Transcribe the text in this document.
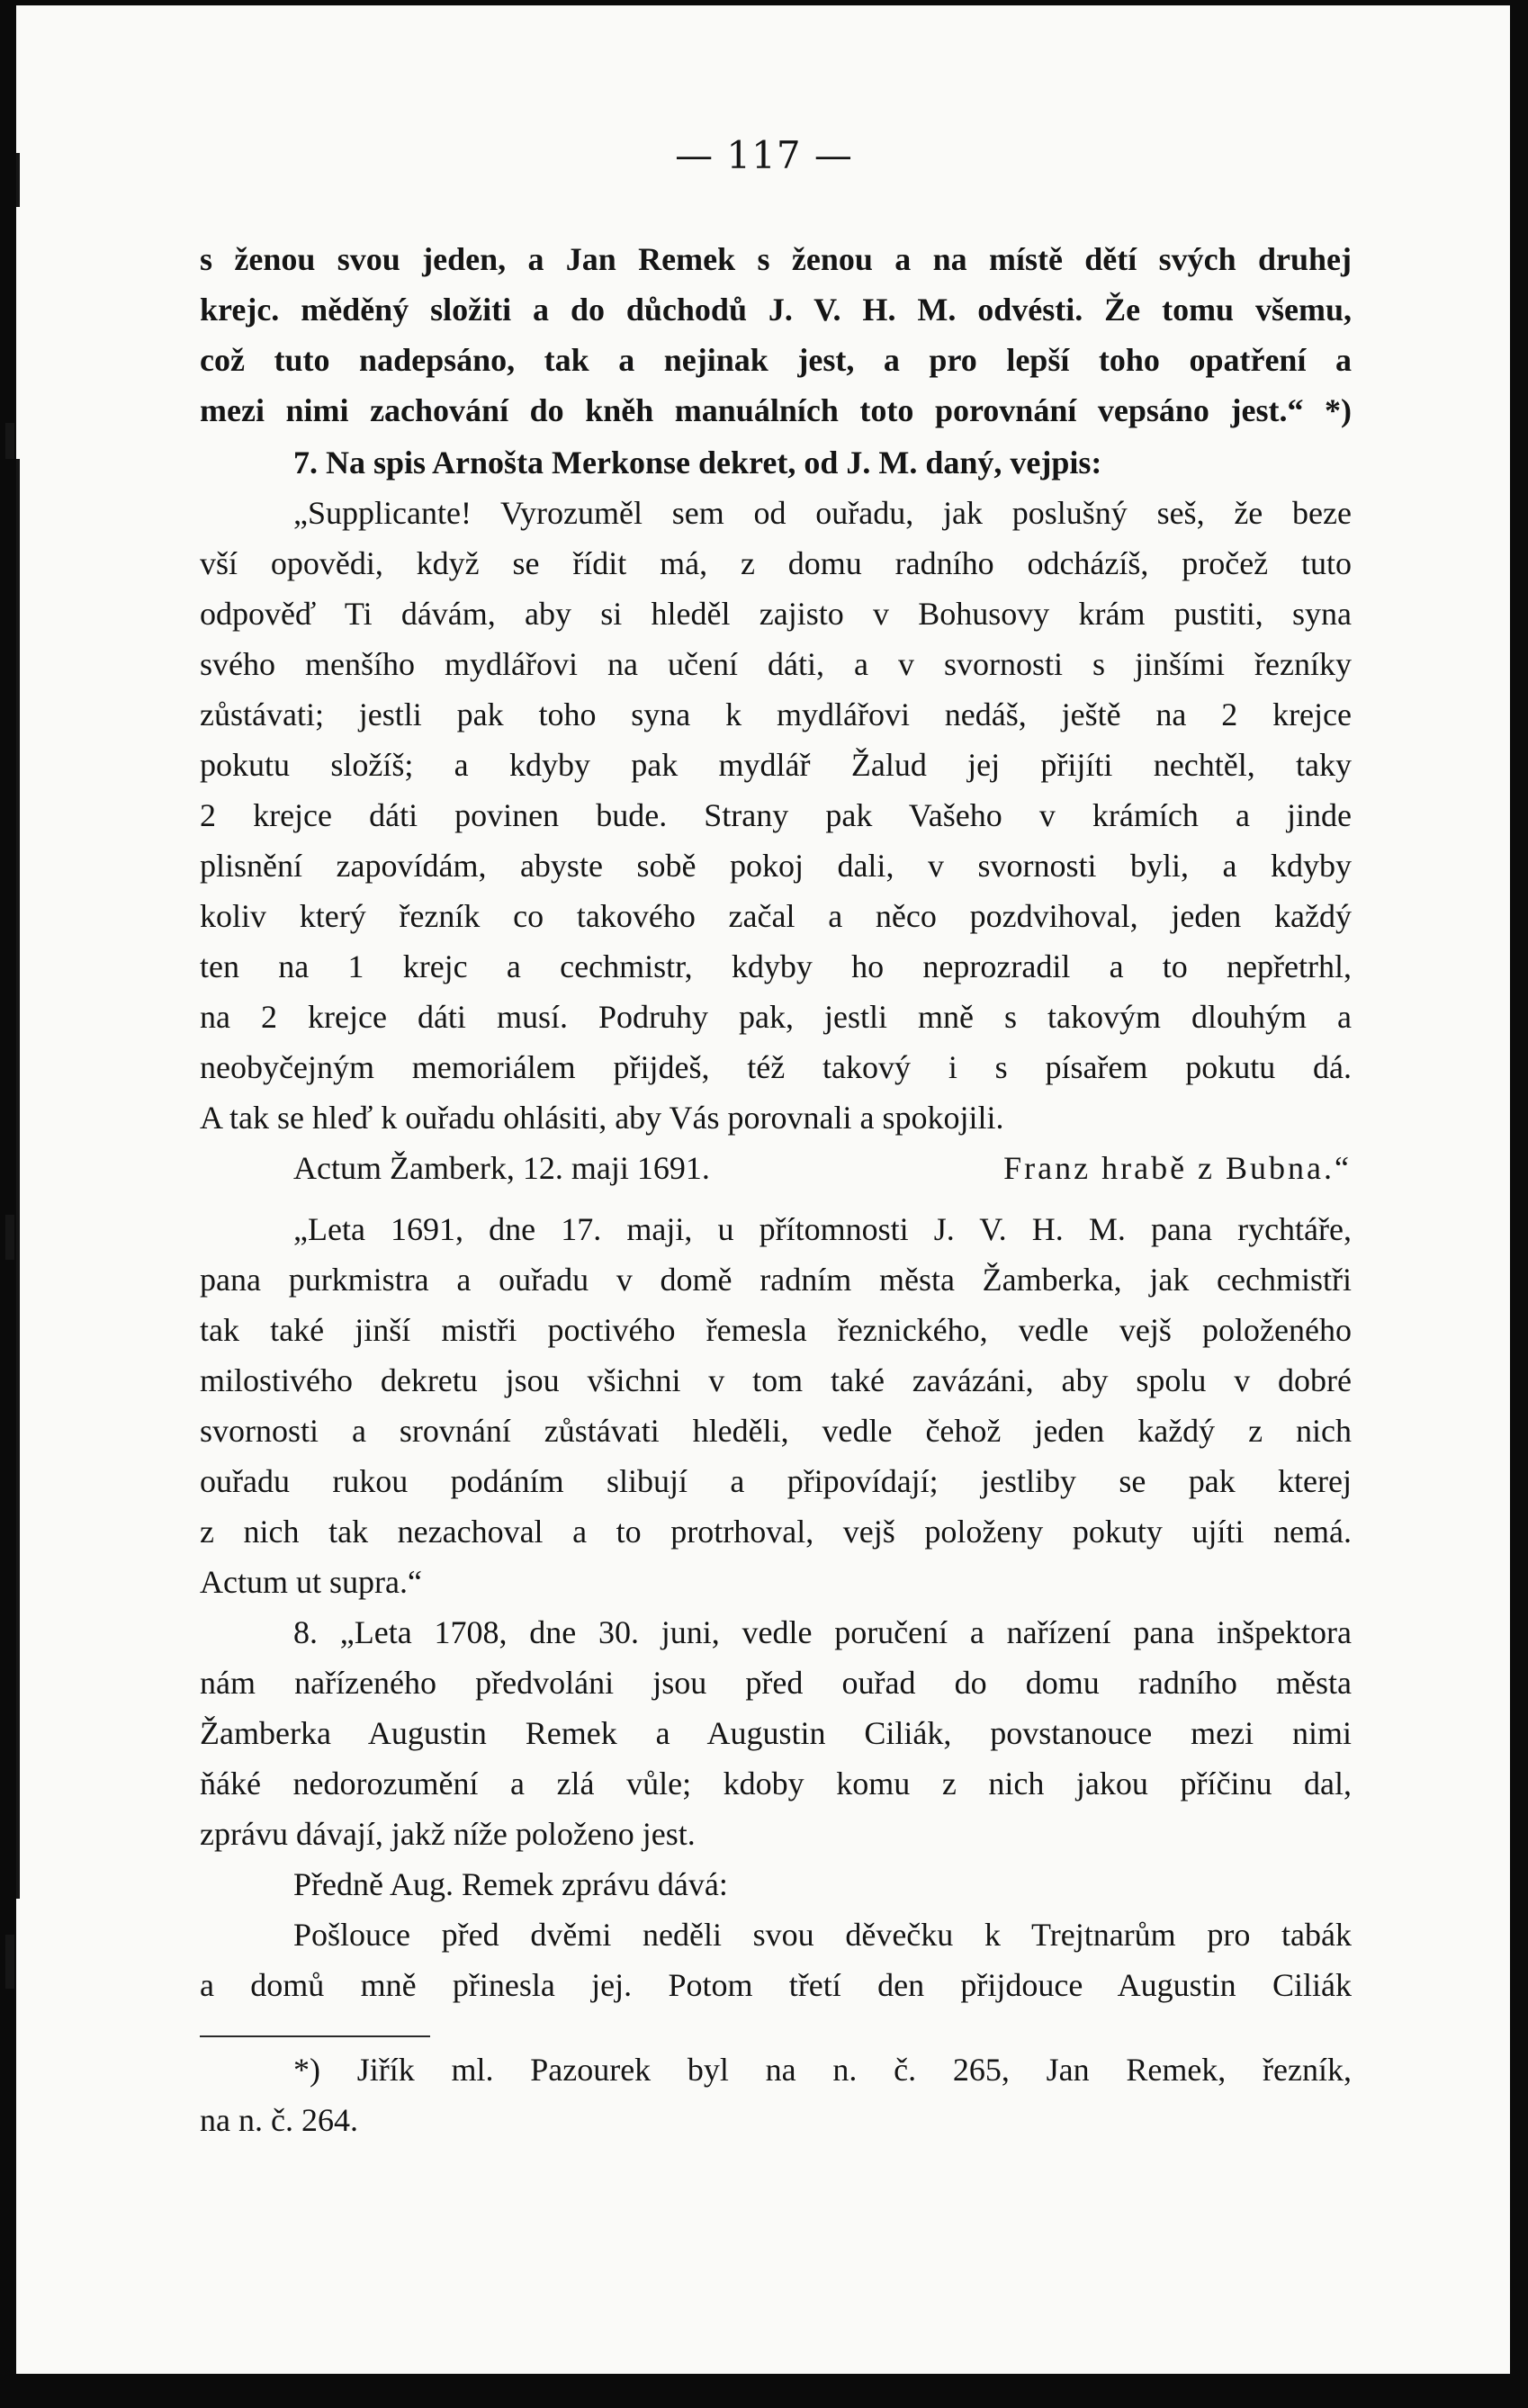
— 117 —
s ženou svou jeden, a Jan Remek s ženou a na místě dětí svých druhej
krejc. měděný složiti a do důchodů J. V. H. M. odvésti. Že tomu všemu,
což tuto nadepsáno, tak a nejinak jest, a pro lepší toho opatření a
mezi nimi zachování do kněh manuálních toto porovnání vepsáno jest.“ *)
7. Na spis Arnošta Merkonse dekret, od J. M. daný, vejpis:
„Supplicante! Vyrozuměl sem od ouřadu, jak poslušný seš, že beze
vší opovědi, když se řídit má, z domu radního odcházíš, pročež tuto
odpověď Ti dávám, aby si hleděl zajisto v Bohusovy krám pustiti, syna
svého menšího mydlářovi na učení dáti, a v svornosti s jinšími řezníky
zůstávati; jestli pak toho syna k mydlářovi nedáš, ještě na 2 krejce
pokutu složíš; a kdyby pak mydlář Žalud jej přijíti nechtěl, taky
2 krejce dáti povinen bude. Strany pak Vašeho v krámích a jinde
plisnění zapovídám, abyste sobě pokoj dali, v svornosti byli, a kdyby
koliv který řezník co takového začal a něco pozdvihoval, jeden každý
ten na 1 krejc a cechmistr, kdyby ho neprozradil a to nepřetrhl,
na 2 krejce dáti musí. Podruhy pak, jestli mně s takovým dlouhým a
neobyčejným memoriálem přijdeš, též takový i s písařem pokutu dá.
A tak se hleď k ouřadu ohlásiti, aby Vás porovnali a spokojili.
Actum Žamberk, 12. maji 1691.	Franz hrabě z Bubna.“
„Leta 1691, dne 17. maji, u přítomnosti J. V. H. M. pana rychtáře,
pana purkmistra a ouřadu v domě radním města Žamberka, jak cechmistři
tak také jinší mistři poctivého řemesla řeznického, vedle vejš položeného
milostivého dekretu jsou všichni v tom také zavázáni, aby spolu v dobré
svornosti a srovnání zůstávati hleděli, vedle čehož jeden každý z nich
ouřadu rukou podáním slibují a připovídají; jestliby se pak kterej
z nich tak nezachoval a to protrhoval, vejš položeny pokuty ujíti nemá.
Actum ut supra.“
8. „Leta 1708, dne 30. juni, vedle poručení a nařízení pana inšpektora
nám nařízeného předvoláni jsou před ouřad do domu radního města
Žamberka Augustin Remek a Augustin Ciliák, povstanouce mezi nimi
ňáké nedorozumění a zlá vůle; kdoby komu z nich jakou příčinu dal,
zprávu dávají, jakž níže položeno jest.
Předně Aug. Remek zprávu dává:
Pošlouce před dvěmi neděli svou děvečku k Trejtnarům pro tabák
a domů mně přinesla jej. Potom třetí den přijdouce Augustin Ciliák
*) Jiřík ml. Pazourek byl na n. č. 265, Jan Remek, řezník,
na n. č. 264.
